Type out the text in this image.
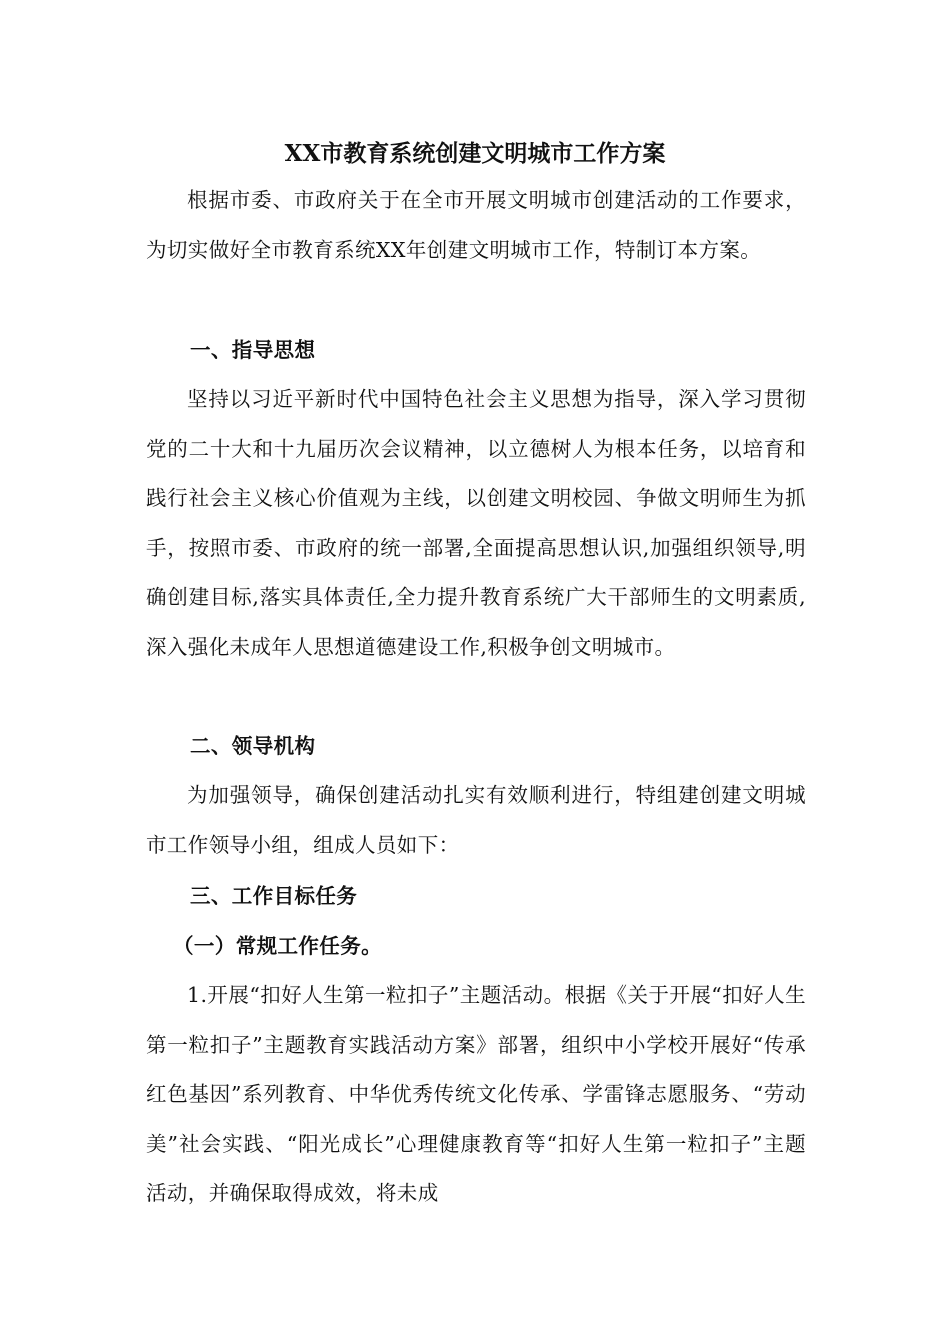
XX市教育系统创建文明城市工作方案

根据市委、市政府关于在全市开展文明城市创建活动的工作要求，为切实做好全市教育系统XX年创建文明城市工作，特制订本方案。

一、指导思想

坚持以习近平新时代中国特色社会主义思想为指导，深入学习贯彻党的二十大和十九届历次会议精神，以立德树人为根本任务，以培育和践行社会主义核心价值观为主线，以创建文明校园、争做文明师生为抓手，按照市委、市政府的统一部署,全面提高思想认识,加强组织领导,明确创建目标,落实具体责任,全力提升教育系统广大干部师生的文明素质,深入强化未成年人思想道德建设工作,积极争创文明城市。

二、领导机构

为加强领导，确保创建活动扎实有效顺利进行，特组建创建文明城市工作领导小组，组成人员如下：

三、工作目标任务
（一）常规工作任务。

1.开展“扣好人生第一粒扣子”主题活动。根据《关于开展“扣好人生第一粒扣子”主题教育实践活动方案》部署，组织中小学校开展好“传承红色基因”系列教育、中华优秀传统文化传承、学雷锋志愿服务、“劳动美”社会实践、“阳光成长”心理健康教育等“扣好人生第一粒扣子”主题活动，并确保取得成效，将未成
